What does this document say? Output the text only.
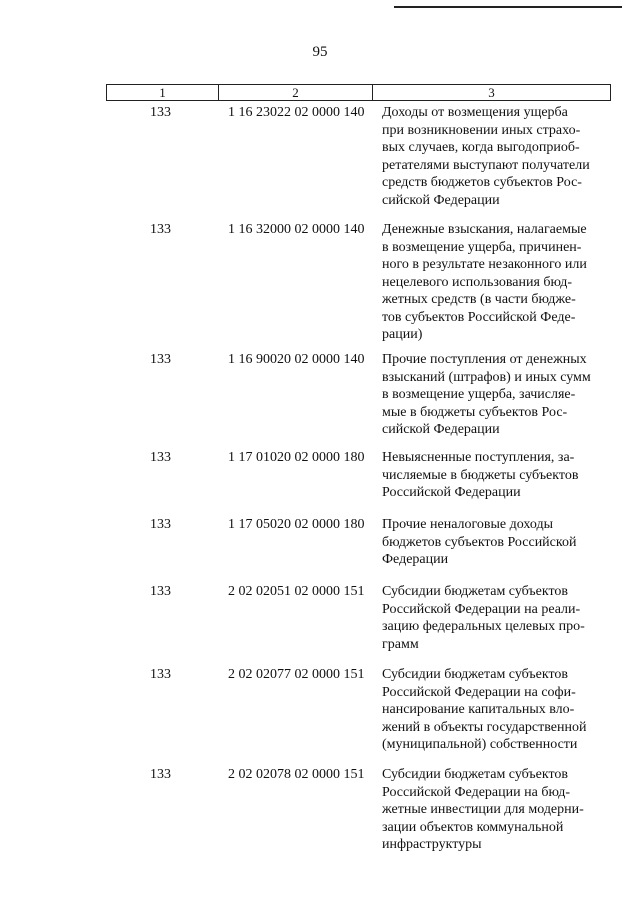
95
1	2	3
133	1 16 23022 02 0000 140	Доходы от возмещения ущерба
при возникновении иных страхо-
вых случаев, когда выгодоприоб-
ретателями выступают получатели
средств бюджетов субъектов Рос-
сийской Федерации
133	1 16 32000 02 0000 140	Денежные взыскания, налагаемые
в возмещение ущерба, причинен-
ного в результате незаконного или
нецелевого использования бюд-
жетных средств (в части бюдже-
тов субъектов Российской Феде-
рации)
133	1 16 90020 02 0000 140	Прочие поступления от денежных
взысканий (штрафов) и иных сумм
в возмещение ущерба, зачисляе-
мые в бюджеты субъектов Рос-
сийской Федерации
133	1 17 01020 02 0000 180	Невыясненные поступления, за-
числяемые в бюджеты субъектов
Российской Федерации
133	1 17 05020 02 0000 180	Прочие неналоговые доходы
бюджетов субъектов Российской
Федерации
133	2 02 02051 02 0000 151	Субсидии бюджетам субъектов
Российской Федерации на реали-
зацию федеральных целевых про-
грамм
133	2 02 02077 02 0000 151	Субсидии бюджетам субъектов
Российской Федерации на софи-
нансирование капитальных вло-
жений в объекты государственной
(муниципальной) собственности
133	2 02 02078 02 0000 151	Субсидии бюджетам субъектов
Российской Федерации на бюд-
жетные инвестиции для модерни-
зации объектов коммунальной
инфраструктуры
